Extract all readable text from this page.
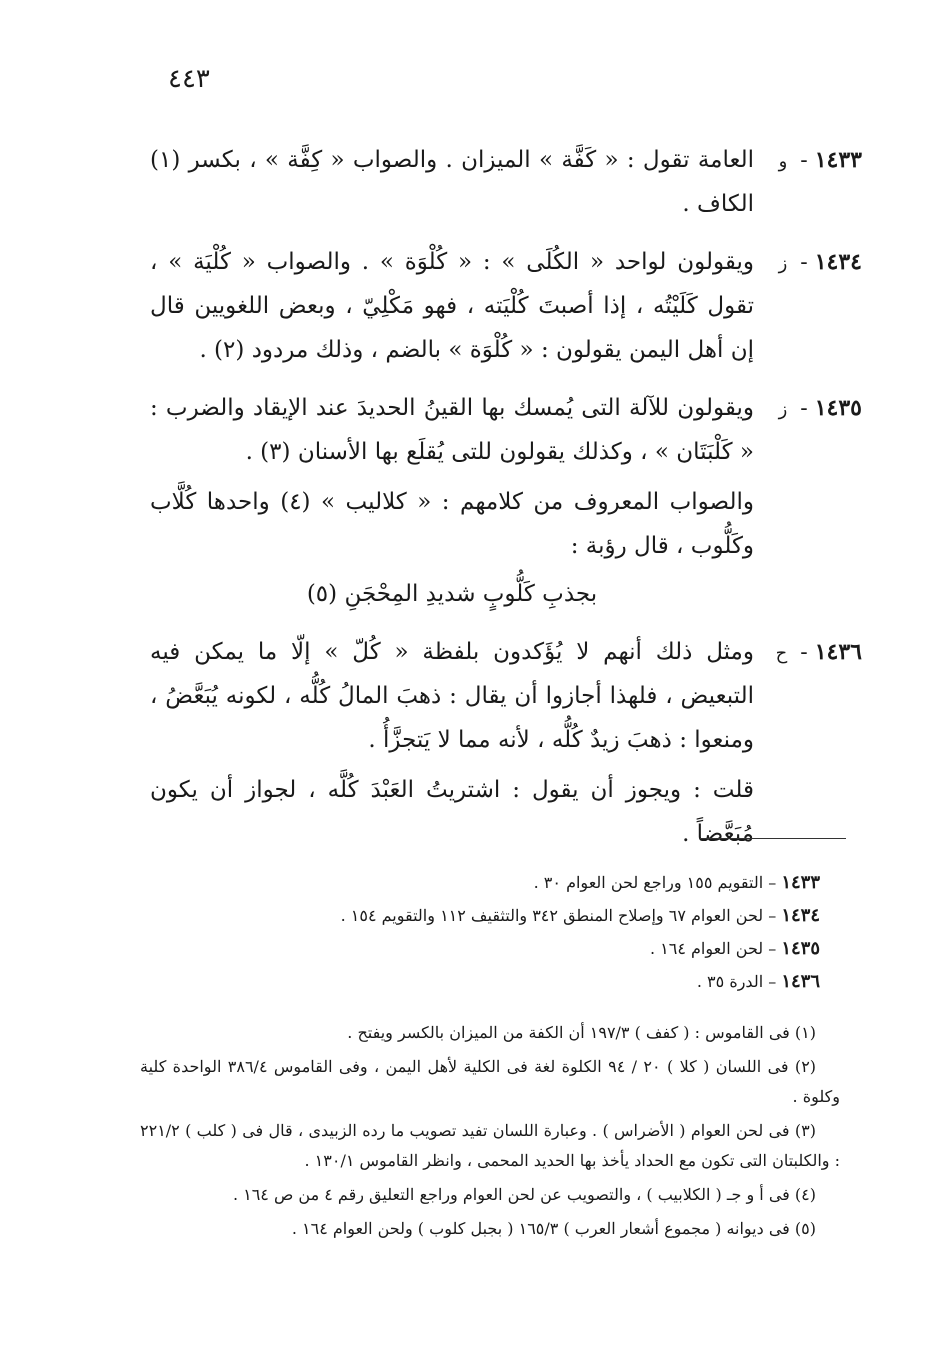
٤٤٣
١٤٣٣ - و
العامة تقول : « كَفَّة » الميزان . والصواب « كِفَّة » ، بكسر (١) الكاف .
١٤٣٤ - ز
ويقولون لواحد « الكُلَى » : « كُلْوَة » . والصواب « كُلْيَة » ، تقول كَلَيْتُه ، إذا أصبتَ كُلْيَته ، فهو مَكْلِيّ ، وبعض اللغويين قال إن أهل اليمن يقولون : « كُلْوَة » بالضم ، وذلك مردود (٢) .
١٤٣٥ - ز
ويقولون للآلة التى يُمسك بها القينُ الحديدَ عند الإيقاد والضرب : « كَلْبَتَان » ، وكذلك يقولون للتى يُقلَع بها الأسنان (٣) .
والصواب المعروف من كلامهم : « كلاليب » (٤) واحدها كُلَّاب وكَلُّوب ، قال رؤبة :
بجذبِ كَلُّوبٍ شديدِ المِحْجَنِ (٥)
١٤٣٦ - ح
ومثل ذلك أنهم لا يُؤَكدون بلفظة « كُلّ » إلّا ما يمكن فيه التبعيض ، فلهذا أجازوا أن يقال : ذهبَ المالُ كُلُّه ، لكونه يُبَعَّضُ ، ومنعوا : ذهبَ زيدٌ كُلُّه ، لأنه مما لا يَتجزَّأُ .
قلت : ويجوز أن يقول : اشتريتُ العَبْدَ كُلَّه ، لجواز أن يكون مُبَعَّضاً .
١٤٣٣ – التقويم ١٥٥ وراجع لحن العوام ٣٠ .
١٤٣٤ – لحن العوام ٦٧ وإصلاح المنطق ٣٤٢ والتثقيف ١١٢ والتقويم ١٥٤ .
١٤٣٥ – لحن العوام ١٦٤ .
١٤٣٦ – الدرة ٣٥ .
(١) فى القاموس : ( كفف ) ١٩٧/٣ أن الكفة من الميزان بالكسر ويفتح .
(٢) فى اللسان ( كلا ) ٢٠ / ٩٤ الكلوة لغة فى الكلية لأهل اليمن ، وفى القاموس ٣٨٦/٤ الواحدة كلية وكلوة .
(٣) فى لحن العوام ( الأضراس ) . وعبارة اللسان تفيد تصويب ما رده الزبيدى ، قال فى ( كلب ) ٢٢١/٢ : والكلبتان التى تكون مع الحداد يأخذ بها الحديد المحمى ، وانظر القاموس ١٣٠/١ .
(٤) فى أ و جـ ( الكلابيب ) ، والتصويب عن لحن العوام وراجع التعليق رقم ٤ من ص ١٦٤ .
(٥) فى ديوانه ( مجموع أشعار العرب ) ١٦٥/٣ ( بجبل كلوب ) ولحن العوام ١٦٤ .
